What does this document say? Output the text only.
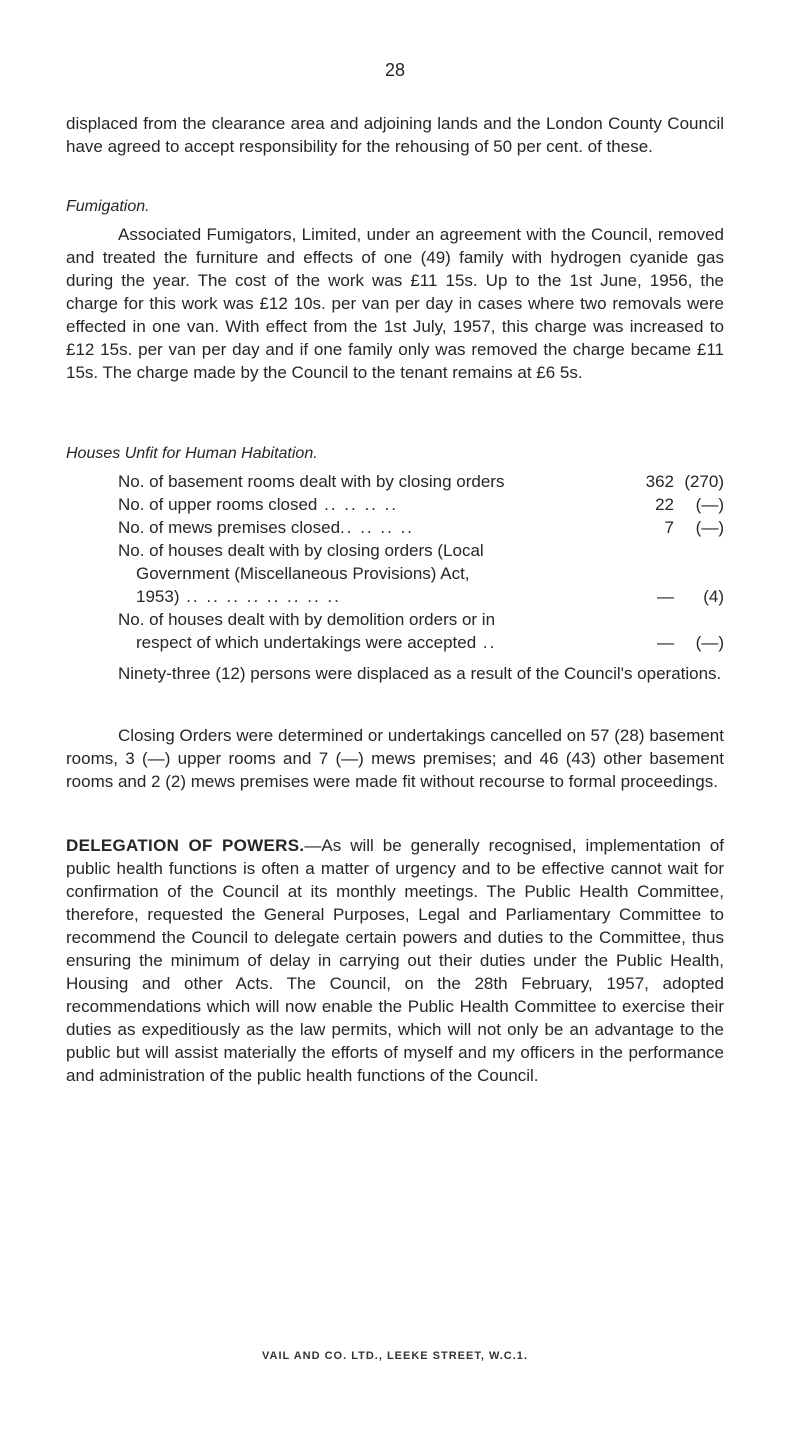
28

displaced from the clearance area and adjoining lands and the London County Council have agreed to accept responsibility for the rehousing of 50 per cent. of these.

Fumigation.

Associated Fumigators, Limited, under an agreement with the Council, removed and treated the furniture and effects of one (49) family with hydrogen cyanide gas during the year. The cost of the work was £11 15s. Up to the 1st June, 1956, the charge for this work was £12 10s. per van per day in cases where two removals were effected in one van. With effect from the 1st July, 1957, this charge was increased to £12 15s. per van per day and if one family only was removed the charge became £11 15s. The charge made by the Council to the tenant remains at £6 5s.

Houses Unfit for Human Habitation.

No. of basement rooms dealt with by closing orders	362 (270)
No. of upper rooms closed .. .. .. ..	22	(—)
No. of mews premises closed.. .. .. ..	7	(—)
No. of houses dealt with by closing orders (Local
Government (Miscellaneous Provisions) Act,
1953) .. .. .. .. .. .. .. ..	—	(4)
No. of houses dealt with by demolition orders or in
respect of which undertakings were accepted ..	—	(—)

Ninety-three (12) persons were displaced as a result of the Council's operations.

Closing Orders were determined or undertakings cancelled on 57 (28) basement rooms, 3 (—) upper rooms and 7 (—) mews premises; and 46 (43) other basement rooms and 2 (2) mews premises were made fit without recourse to formal proceedings.

DELEGATION OF POWERS.—As will be generally recognised, implementation of public health functions is often a matter of urgency and to be effective cannot wait for confirmation of the Council at its monthly meetings. The Public Health Committee, therefore, requested the General Purposes, Legal and Parliamentary Committee to recommend the Council to delegate certain powers and duties to the Committee, thus ensuring the minimum of delay in carrying out their duties under the Public Health, Housing and other Acts. The Council, on the 28th February, 1957, adopted recommendations which will now enable the Public Health Committee to exercise their duties as expeditiously as the law permits, which will not only be an advantage to the public but will assist materially the efforts of myself and my officers in the performance and administration of the public health functions of the Council.

VAIL AND CO. LTD., LEEKE STREET, W.C.1.
